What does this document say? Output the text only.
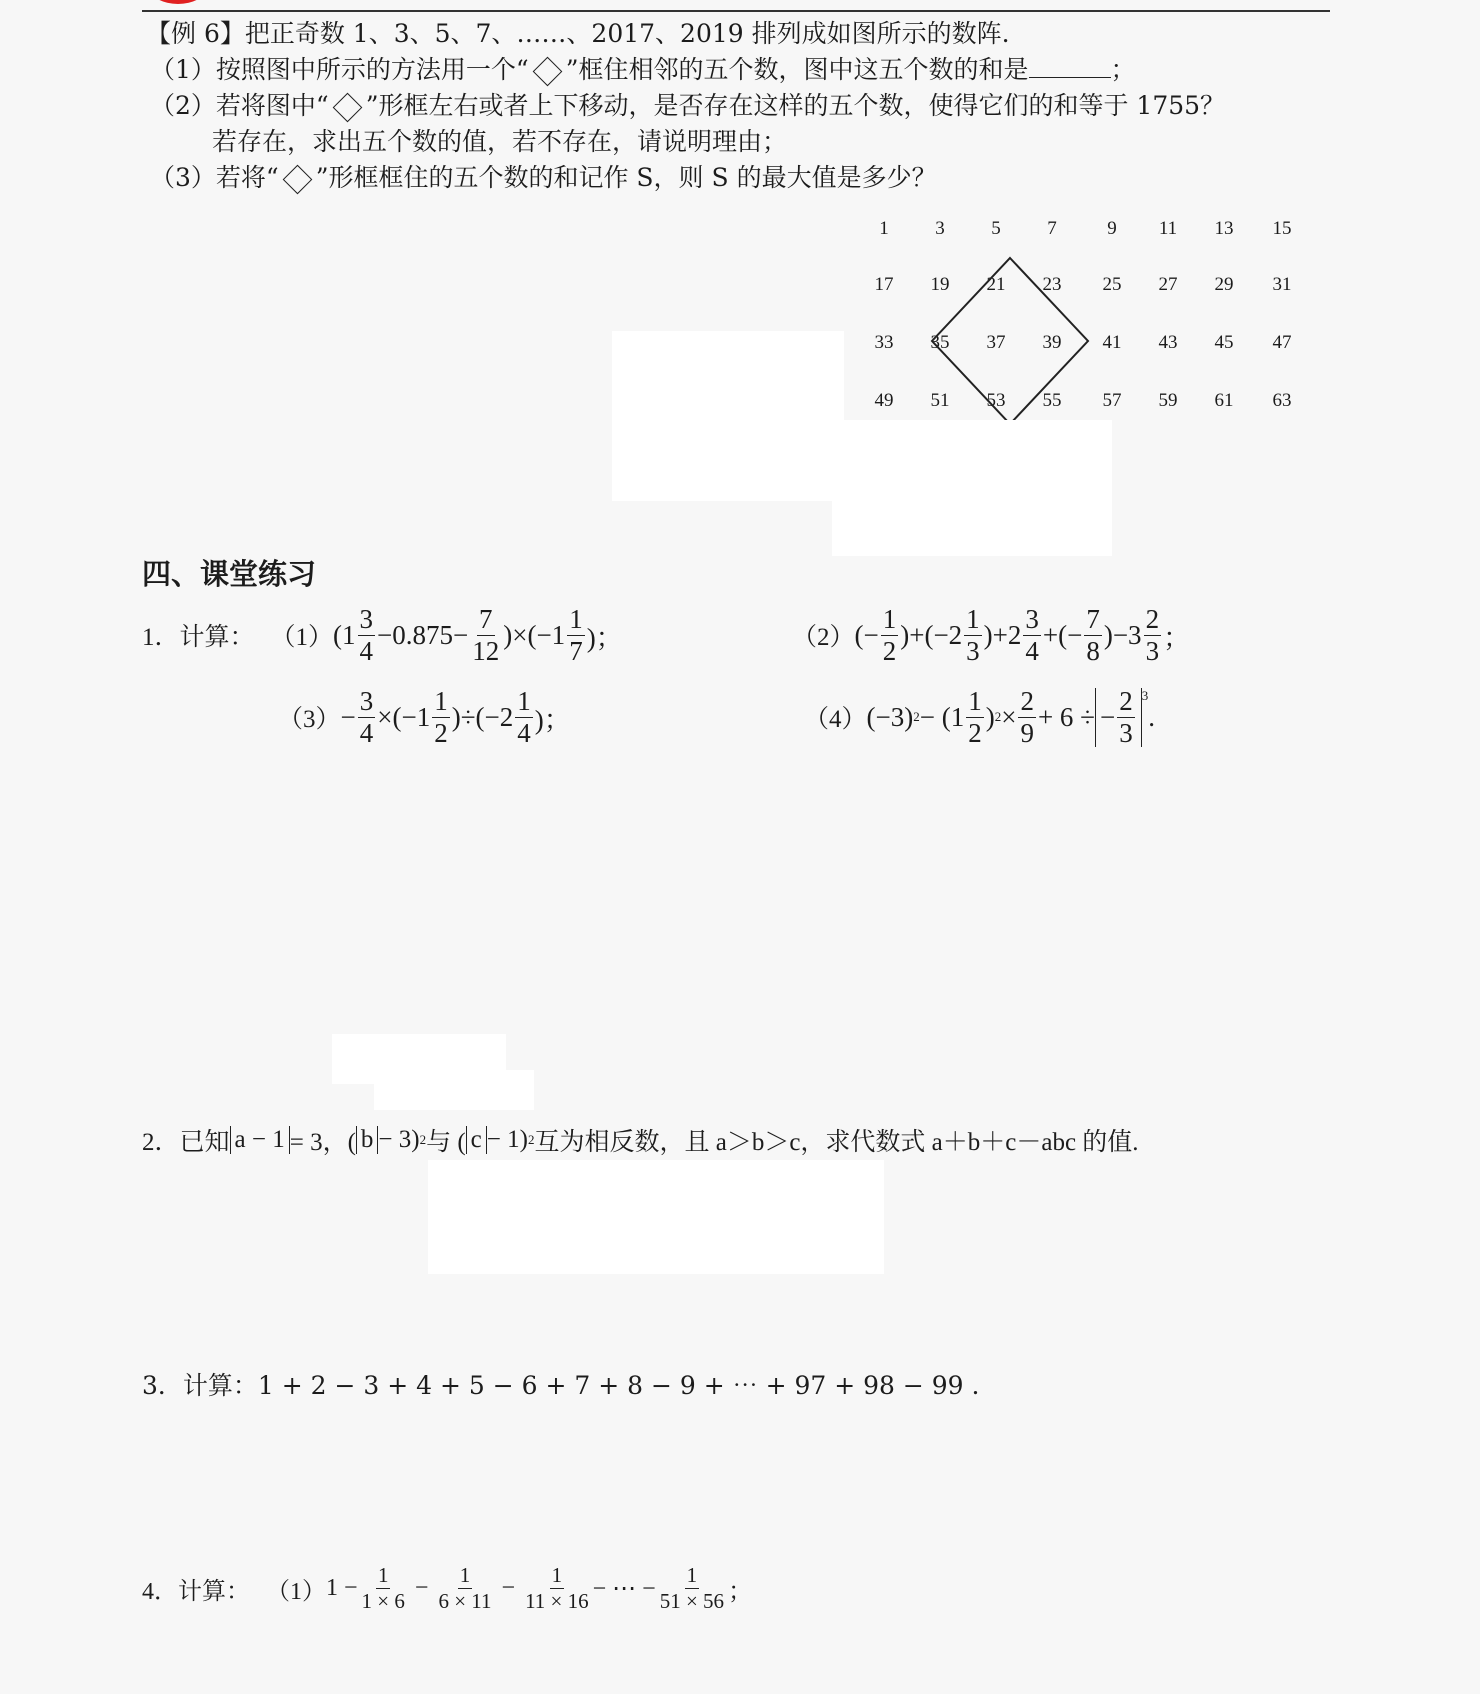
【例 6】把正奇数 1、3、5、7、……、2017、2019 排列成如图所示的数阵.
（1）按照图中所示的方法用一个“ ”框住相邻的五个数，图中这五个数的和是	；
（2）若将图中“ ”形框左右或者上下移动，是否存在这样的五个数，使得它们的和等于 1755？
若存在，求出五个数的值，若不存在，请说明理由；
（3）若将“ ”形框框住的五个数的和记作 S，则 S 的最大值是多少？
1	3	5	7	9	11	13	15
17	19	21	23	25	27	29	31
33	35	37	39	41	43	45	47
49	51	53	55	57	59	61	63
四、课堂练习
1．计算： （1） $(1 \frac{3}{4} -0.875- \frac{7}{12} )\times(-1 \frac{1}{7}$ )；	（2） (− $\frac{1}{2} )+(-2 \frac{1}{3} )+2 \frac{3}{4}$ +(− $\frac{7}{8} )-3 \frac{2}{3}$ ；
$(3) - \frac{3}{4} \times(-1 \frac{1}{2} )\div(-2 \frac{1}{4}$ )；	（4） (−3) $2 - (1 \frac{1}{2}$ ) $2 \times \frac{2}{9} + 6$ ÷ − $\frac{2}{3} ^3$
.
2．已知 a − 1 = 3，( b − 3) 2 与 ( c − 1) 2 互为相反数，且 a＞b＞c，求代数式 a＋b＋c－abc 的值.
3．计算：1 + 2 − 3 + 4 + 5 − 6 + 7 + 8 − 9 + ⋯ + 97 + 98 − 99 .
4．计算： （1） $1 - \frac{1}{1 \times 6} - \frac{1}{6 \times 11} - \frac{1}{11 \times 16}$ − ⋯ − $\frac{1}{51 \times 56}$ ；
